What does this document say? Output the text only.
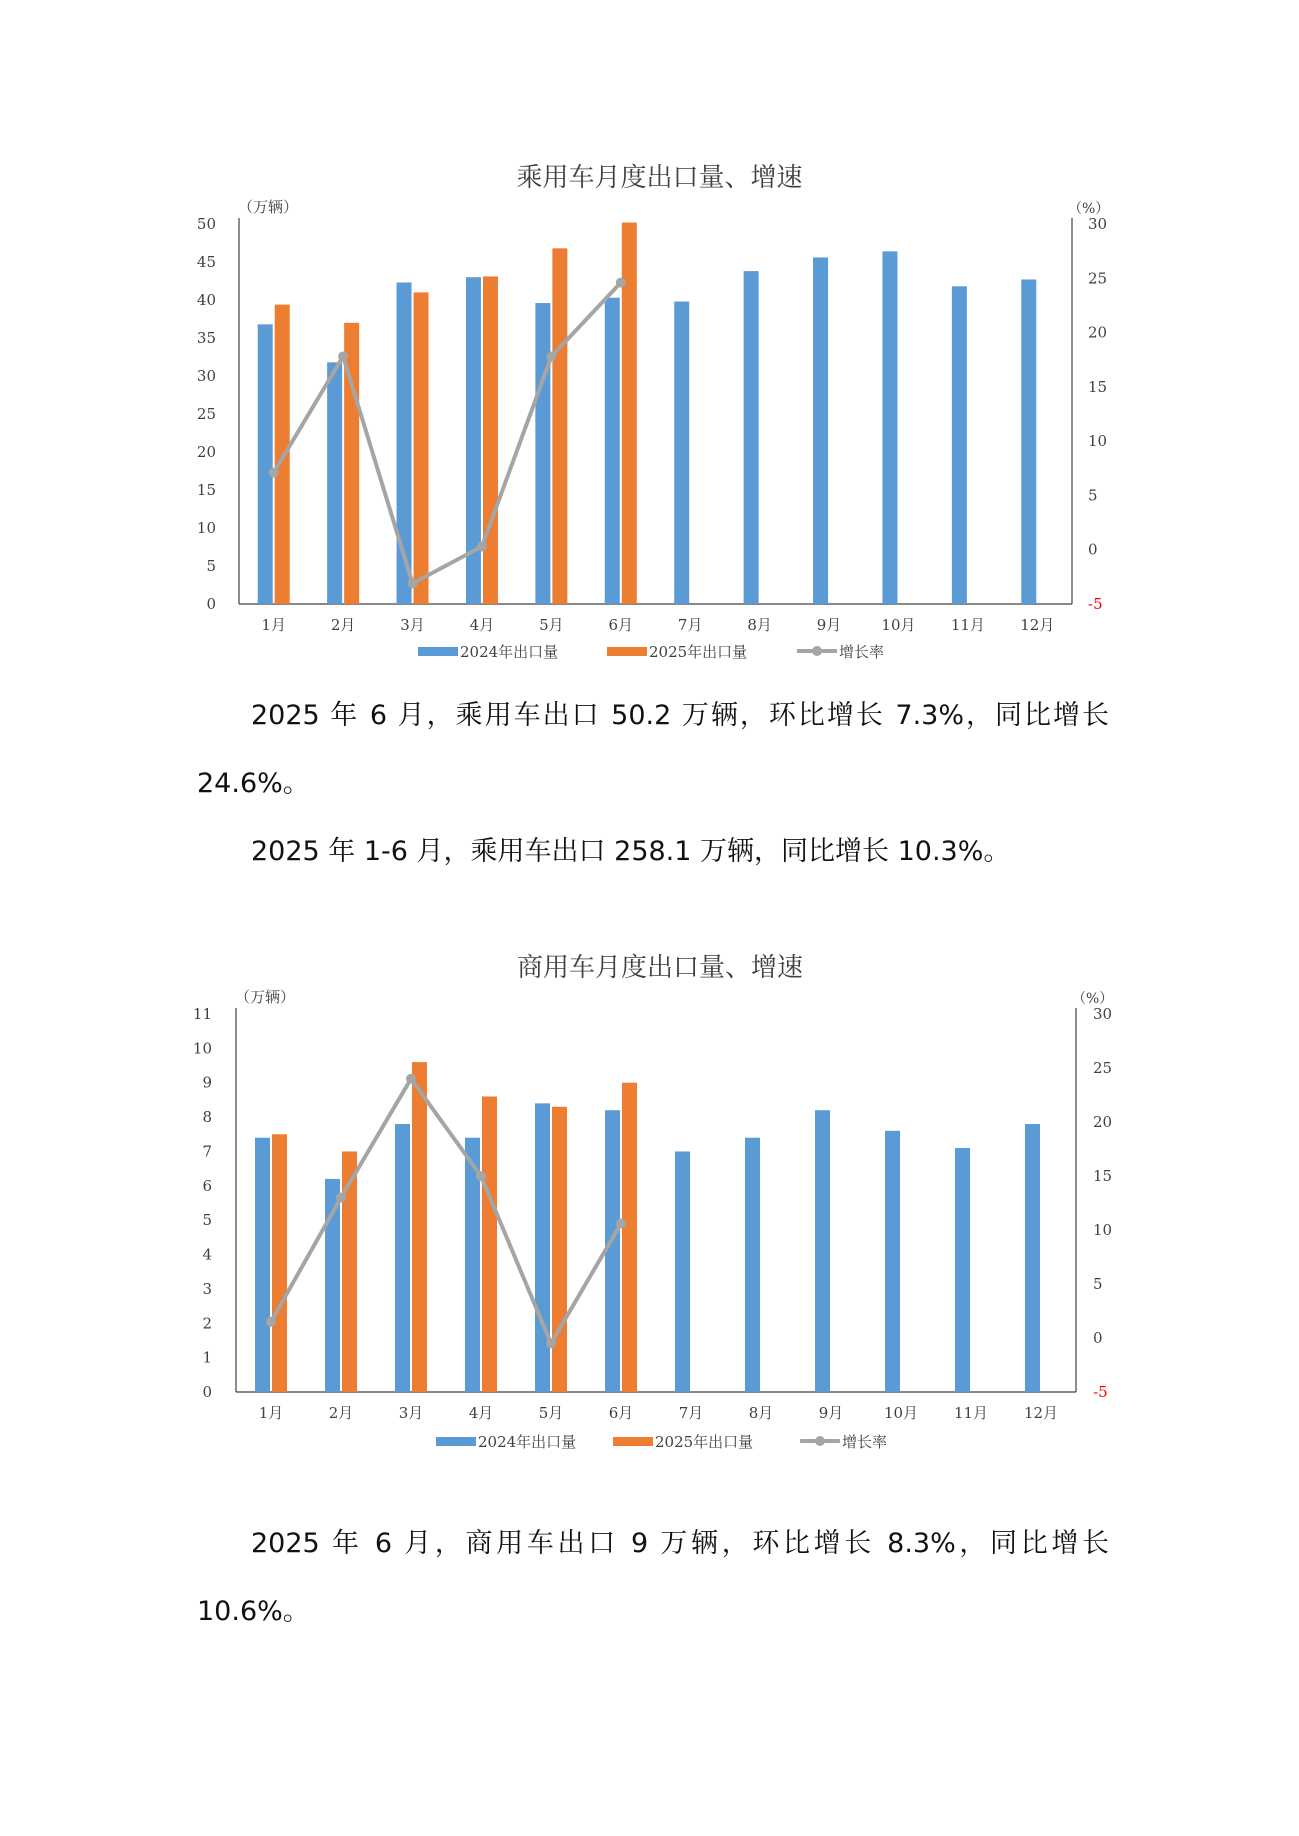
乘用车月度出口量、增速
（万辆）	（%）
0
5
10
15
20
25
30
35
40
45
50
-5
0
5
10
15
20
25
30
1月	2月	3月	4月	5月	6月	7月	8月	9月	10月 11月 12月
2024年出口量	2025年出口量	增长率

2025 年 6 月，乘用车出口 50.2 万辆，环比增长 7.3%，同比增长 24.6%。

2025 年 1-6 月，乘用车出口 258.1 万辆，同比增长 10.3%。

商用车月度出口量、增速
（万辆）	（%）
0
1
2
3
4
5
6
7
8
9
10
11
-5
0
5
10
15
20
25
30
1月	2月	3月	4月	5月	6月	7月	8月	9月	10月 11月 12月
2024年出口量	2025年出口量	增长率

2025 年 6 月，商用车出口 9 万辆，环比增长 8.3%，同比增长 10.6%。
